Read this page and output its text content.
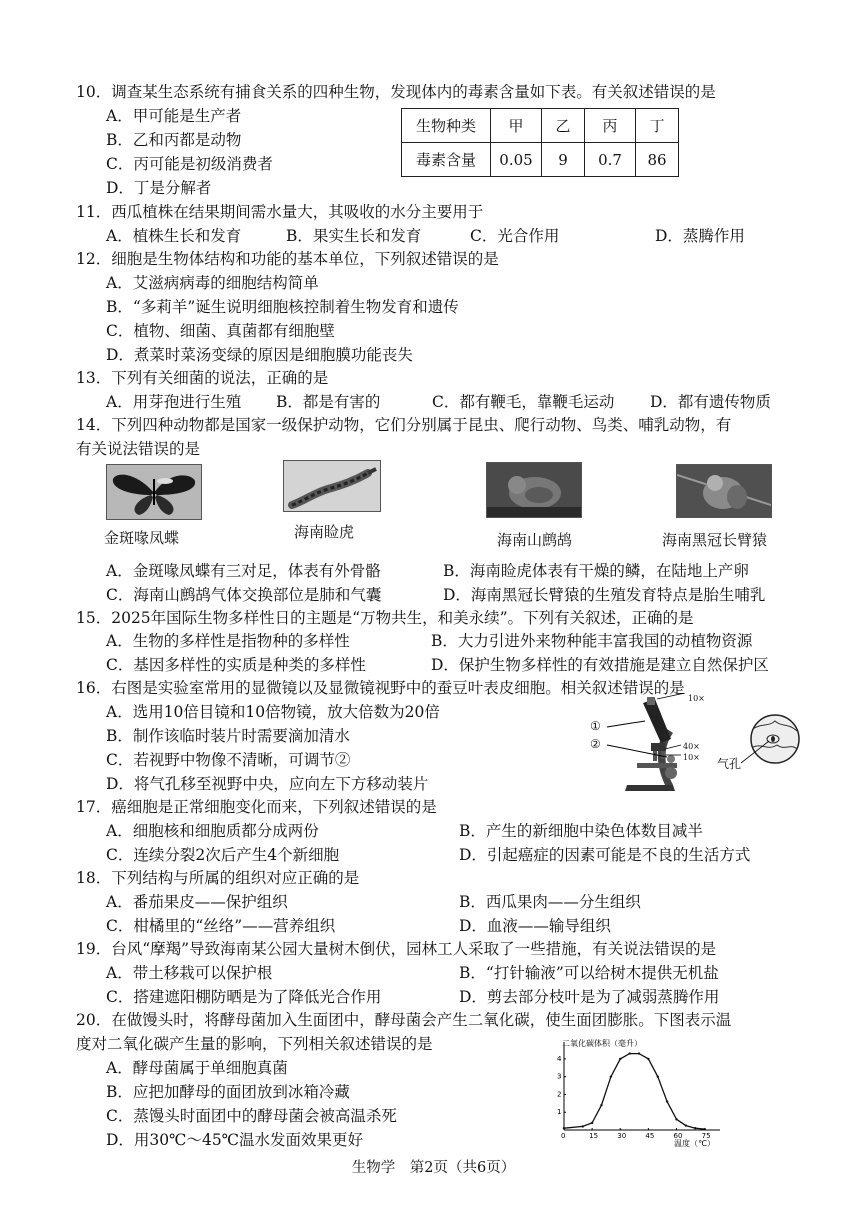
10．调查某生态系统有捕食关系的四种生物，发现体内的毒素含量如下表。有关叙述错误的是
A．甲可能是生产者
B．乙和丙都是动物
C．丙可能是初级消费者
D．丁是分解者
生物种类	甲	乙	丙	丁
毒素含量	0.05	9	0.7	86
11．西瓜植株在结果期间需水量大，其吸收的水分主要用于
A．植株生长和发育	B．果实生长和发育	C．光合作用	D．蒸腾作用
12．细胞是生物体结构和功能的基本单位，下列叙述错误的是
A．艾滋病病毒的细胞结构简单
B．“多莉羊”诞生说明细胞核控制着生物发育和遗传
C．植物、细菌、真菌都有细胞壁
D．煮菜时菜汤变绿的原因是细胞膜功能丧失
13．下列有关细菌的说法，正确的是
A．用芽孢进行生殖 B．都是有害的	C．都有鞭毛，靠鞭毛运动 D．都有遗传物质
14．下列四种动物都是国家一级保护动物，它们分别属于昆虫、爬行动物、鸟类、哺乳动物，有
有关说法错误的是
金斑喙凤蝶	海南睑虎	海南山鹧鸪	海南黑冠长臂猿
A．金斑喙凤蝶有三对足，体表有外骨骼	B．海南睑虎体表有干燥的鳞，在陆地上产卵
C．海南山鹧鸪气体交换部位是肺和气囊	D．海南黑冠长臂猿的生殖发育特点是胎生哺乳
15．2025年国际生物多样性日的主题是“万物共生，和美永续”。下列有关叙述，正确的是
A．生物的多样性是指物种的多样性	B．大力引进外来物种能丰富我国的动植物资源
C．基因多样性的实质是种类的多样性	D．保护生物多样性的有效措施是建立自然保护区
16．右图是实验室常用的显微镜以及显微镜视野中的蚕豆叶表皮细胞。相关叙述错误的是
A．选用10倍目镜和10倍物镜，放大倍数为20倍
B．制作该临时装片时需要滴加清水
C．若视野中物像不清晰，可调节②
D．将气孔移至视野中央，应向左下方移动装片
①
②
10×
40×
10× 气孔
17．癌细胞是正常细胞变化而来，下列叙述错误的是
A．细胞核和细胞质都分成两份	B．产生的新细胞中染色体数目减半
C．连续分裂2次后产生4个新细胞	D．引起癌症的因素可能是不良的生活方式
18．下列结构与所属的组织对应正确的是
A．番茄果皮——保护组织	B．西瓜果肉——分生组织
C．柑橘里的“丝络”——营养组织	D．血液——输导组织
19．台风“摩羯”导致海南某公园大量树木倒伏，园林工人采取了一些措施，有关说法错误的是
A．带土移栽可以保护根	B．“打针输液”可以给树木提供无机盐
C．搭建遮阳棚防晒是为了降低光合作用	D．剪去部分枝叶是为了减弱蒸腾作用
20．在做馒头时，将酵母菌加入生面团中，酵母菌会产生二氧化碳，使生面团膨胀。下图表示温
度对二氧化碳产生量的影响，下列相关叙述错误的是
A．酵母菌属于单细胞真菌
B．应把加酵母的面团放到冰箱冷藏
C．蒸馒头时面团中的酵母菌会被高温杀死
D．用30℃～45℃温水发面效果更好
二氧化碳体积（毫升）
温度（℃）
0	15	30	45	60	75
1
2
3
4
生物学　第2页（共6页）
